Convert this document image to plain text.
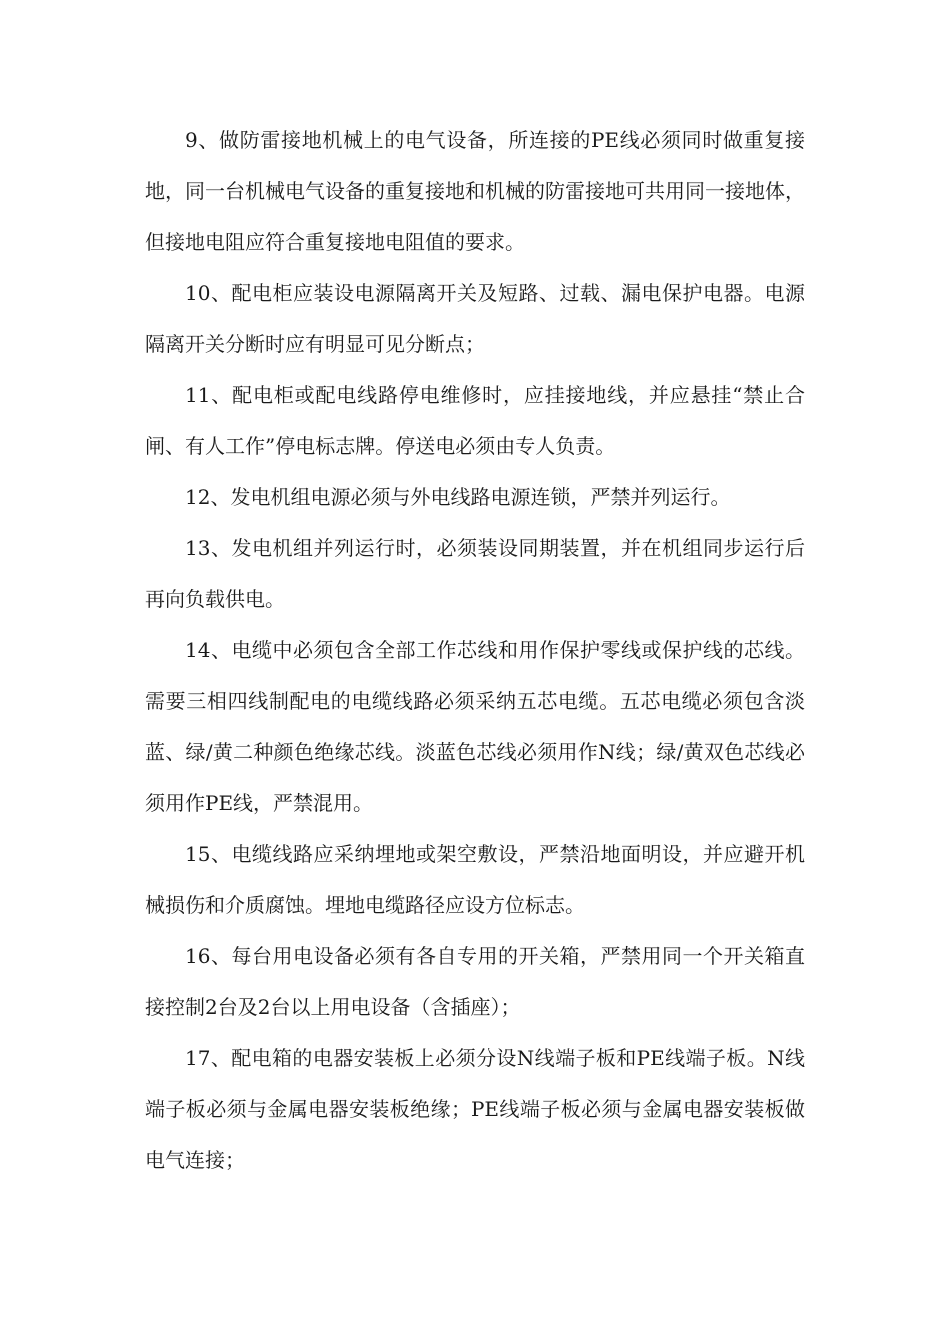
9、做防雷接地机械上的电气设备，所连接的PE线必须同时做重复接地，同一台机械电气设备的重复接地和机械的防雷接地可共用同一接地体，但接地电阻应符合重复接地电阻值的要求。

10、配电柜应装设电源隔离开关及短路、过载、漏电保护电器。电源隔离开关分断时应有明显可见分断点；

11、配电柜或配电线路停电维修时，应挂接地线，并应悬挂“禁止合闸、有人工作”停电标志牌。停送电必须由专人负责。

12、发电机组电源必须与外电线路电源连锁，严禁并列运行。

13、发电机组并列运行时，必须装设同期装置，并在机组同步运行后再向负载供电。

14、电缆中必须包含全部工作芯线和用作保护零线或保护线的芯线。需要三相四线制配电的电缆线路必须采纳五芯电缆。五芯电缆必须包含淡蓝、绿/黄二种颜色绝缘芯线。淡蓝色芯线必须用作N线；绿/黄双色芯线必须用作PE线，严禁混用。

15、电缆线路应采纳埋地或架空敷设，严禁沿地面明设，并应避开机械损伤和介质腐蚀。埋地电缆路径应设方位标志。

16、每台用电设备必须有各自专用的开关箱，严禁用同一个开关箱直接控制2台及2台以上用电设备（含插座）；

17、配电箱的电器安装板上必须分设N线端子板和PE线端子板。N线端子板必须与金属电器安装板绝缘；PE线端子板必须与金属电器安装板做电气连接；
